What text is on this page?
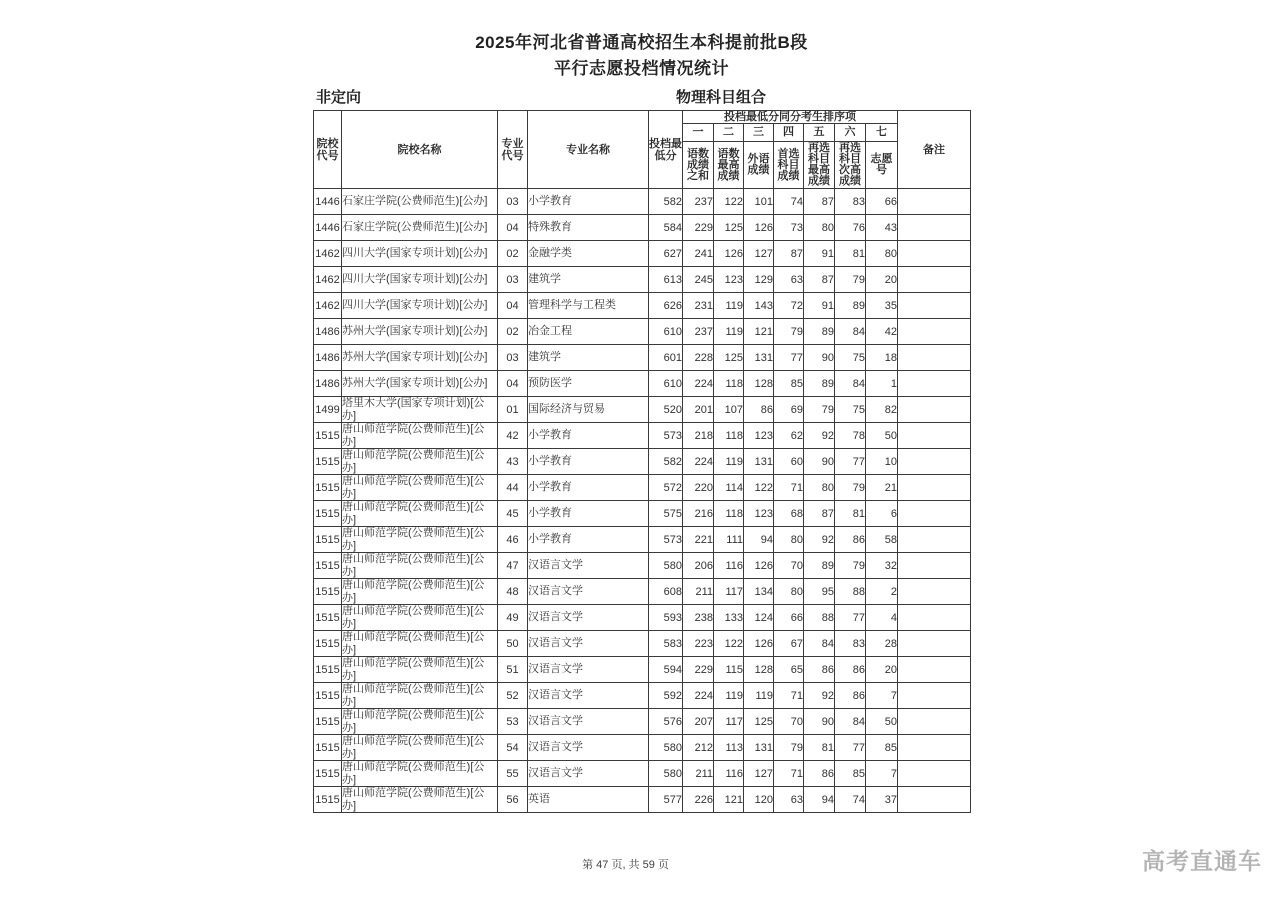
2025年河北省普通高校招生本科提前批B段
平行志愿投档情况统计
非定向	物理科目组合
院校代号	院校名称	专业代号	专业名称	投档最低分	投档最低分同分考生排序项							备注
					一	二	三	四	五	六	七	
					语数成绩之和	语数最高成绩	外语成绩	首选科目成绩	再选科目最高成绩	再选科目次高成绩	志愿号	
1446	石家庄学院(公费师范生)[公办]	03	小学教育	582	237	122	101	74	87	83	66	
1446	石家庄学院(公费师范生)[公办]	04	特殊教育	584	229	125	126	73	80	76	43	
1462	四川大学(国家专项计划)[公办]	02	金融学类	627	241	126	127	87	91	81	80	
1462	四川大学(国家专项计划)[公办]	03	建筑学	613	245	123	129	63	87	79	20	
1462	四川大学(国家专项计划)[公办]	04	管理科学与工程类	626	231	119	143	72	91	89	35	
1486	苏州大学(国家专项计划)[公办]	02	冶金工程	610	237	119	121	79	89	84	42	
1486	苏州大学(国家专项计划)[公办]	03	建筑学	601	228	125	131	77	90	75	18	
1486	苏州大学(国家专项计划)[公办]	04	预防医学	610	224	118	128	85	89	84	1	
1499	塔里木大学(国家专项计划)[公办]	01	国际经济与贸易	520	201	107	86	69	79	75	82	
1515	唐山师范学院(公费师范生)[公办]	42	小学教育	573	218	118	123	62	92	78	50	
1515	唐山师范学院(公费师范生)[公办]	43	小学教育	582	224	119	131	60	90	77	10	
1515	唐山师范学院(公费师范生)[公办]	44	小学教育	572	220	114	122	71	80	79	21	
1515	唐山师范学院(公费师范生)[公办]	45	小学教育	575	216	118	123	68	87	81	6	
1515	唐山师范学院(公费师范生)[公办]	46	小学教育	573	221	111	94	80	92	86	58	
1515	唐山师范学院(公费师范生)[公办]	47	汉语言文学	580	206	116	126	70	89	79	32	
1515	唐山师范学院(公费师范生)[公办]	48	汉语言文学	608	211	117	134	80	95	88	2	
1515	唐山师范学院(公费师范生)[公办]	49	汉语言文学	593	238	133	124	66	88	77	4	
1515	唐山师范学院(公费师范生)[公办]	50	汉语言文学	583	223	122	126	67	84	83	28	
1515	唐山师范学院(公费师范生)[公办]	51	汉语言文学	594	229	115	128	65	86	86	20	
1515	唐山师范学院(公费师范生)[公办]	52	汉语言文学	592	224	119	119	71	92	86	7	
1515	唐山师范学院(公费师范生)[公办]	53	汉语言文学	576	207	117	125	70	90	84	50	
1515	唐山师范学院(公费师范生)[公办]	54	汉语言文学	580	212	113	131	79	81	77	85	
1515	唐山师范学院(公费师范生)[公办]	55	汉语言文学	580	211	116	127	71	86	85	7	
1515	唐山师范学院(公费师范生)[公办]	56	英语	577	226	121	120	63	94	74	37	
第 47 页, 共 59 页	高考直通车
